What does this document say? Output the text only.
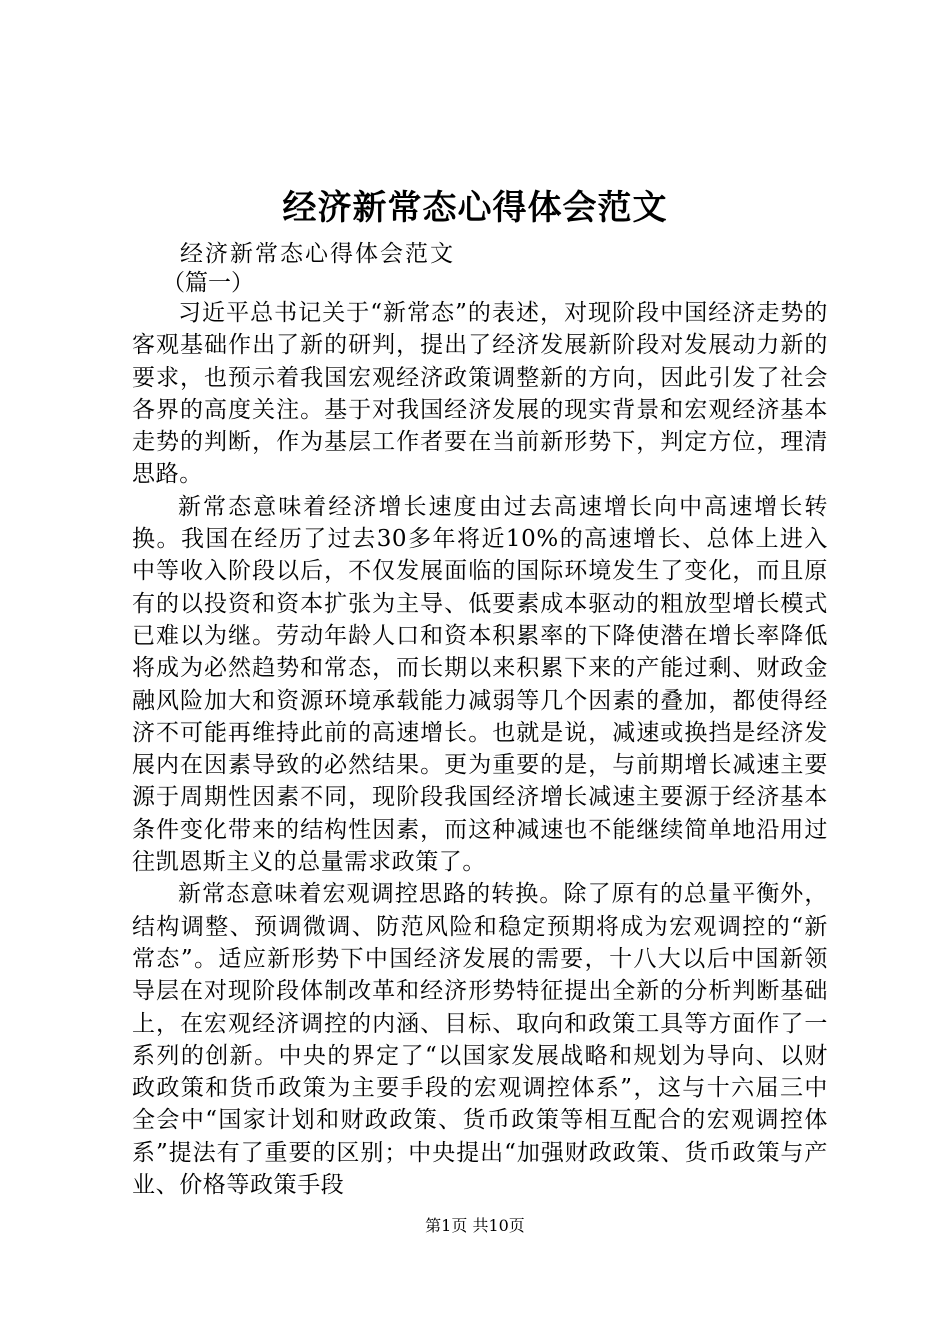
经济新常态心得体会范文
经济新常态心得体会范文
（篇一）

习近平总书记关于“新常态”的表述，对现阶段中国经济走势的客观基础作出了新的研判，提出了经济发展新阶段对发展动力新的要求，也预示着我国宏观经济政策调整新的方向，因此引发了社会各界的高度关注。基于对我国经济发展的现实背景和宏观经济基本走势的判断，作为基层工作者要在当前新形势下，判定方位，理清思路。

新常态意味着经济增长速度由过去高速增长向中高速增长转换。我国在经历了过去30多年将近10%的高速增长、总体上进入中等收入阶段以后，不仅发展面临的国际环境发生了变化，而且原有的以投资和资本扩张为主导、低要素成本驱动的粗放型增长模式已难以为继。劳动年龄人口和资本积累率的下降使潜在增长率降低将成为必然趋势和常态，而长期以来积累下来的产能过剩、财政金融风险加大和资源环境承载能力减弱等几个因素的叠加，都使得经济不可能再维持此前的高速增长。也就是说，减速或换挡是经济发展内在因素导致的必然结果。更为重要的是，与前期增长减速主要源于周期性因素不同，现阶段我国经济增长减速主要源于经济基本条件变化带来的结构性因素，而这种减速也不能继续简单地沿用过往凯恩斯主义的总量需求政策了。

新常态意味着宏观调控思路的转换。除了原有的总量平衡外，结构调整、预调微调、防范风险和稳定预期将成为宏观调控的“新常态”。适应新形势下中国经济发展的需要，十八大以后中国新领导层在对现阶段体制改革和经济形势特征提出全新的分析判断基础上，在宏观经济调控的内涵、目标、取向和政策工具等方面作了一系列的创新。中央的界定了“以国家发展战略和规划为导向、以财政政策和货币政策为主要手段的宏观调控体系”，这与十六届三中全会中“国家计划和财政政策、货币政策等相互配合的宏观调控体系”提法有了重要的区别；中央提出“加强财政政策、货币政策与产业、价格等政策手段

第1页 共10页
